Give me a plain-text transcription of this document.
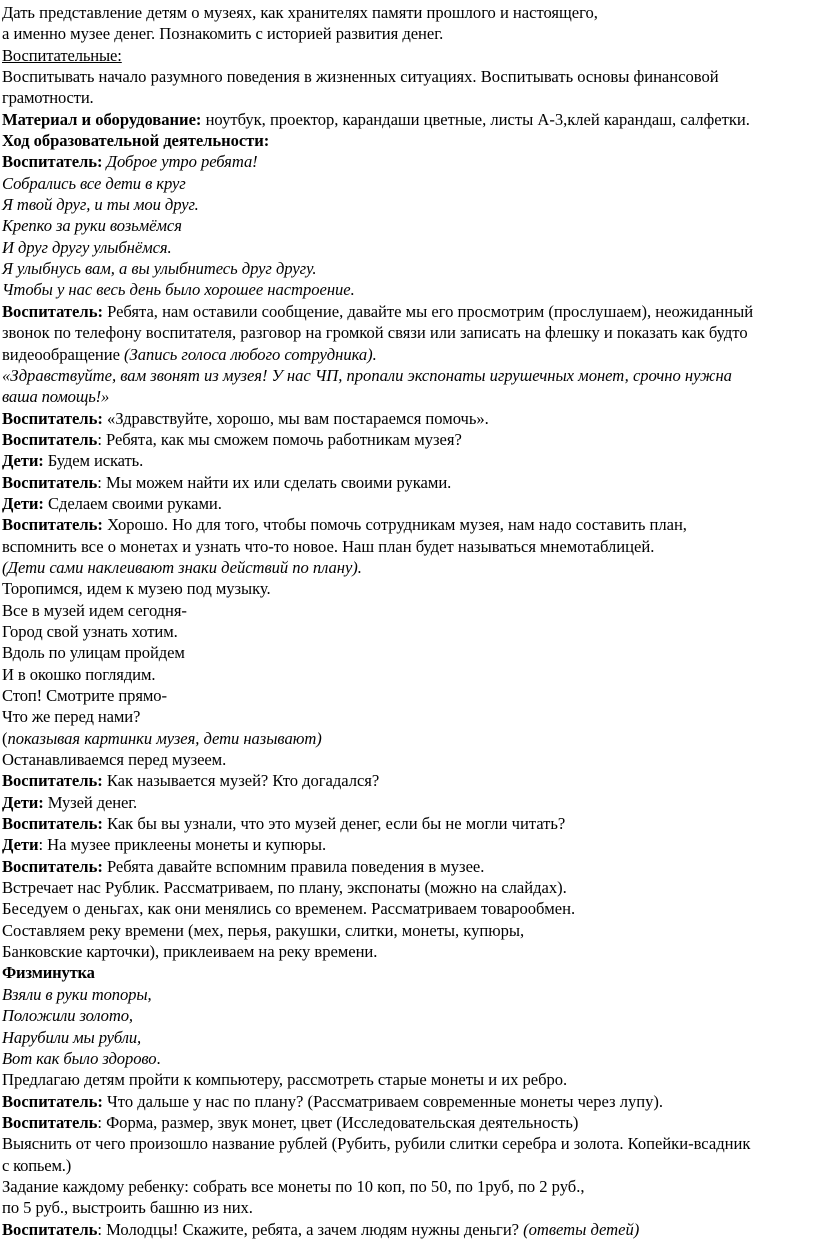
Дать представление детям о музеях, как хранителях памяти прошлого и настоящего,
а именно музее денег. Познакомить с историей развития денег.
Воспитательные:
Воспитывать начало разумного поведения в жизненных ситуациях. Воспитывать основы финансовой
грамотности.
Материал и оборудование: ноутбук, проектор, карандаши цветные, листы А-3,клей карандаш, салфетки.
Ход образовательной деятельности:
Воспитатель: Доброе утро ребята!
Собрались все дети в круг
Я твой друг, и ты мои друг.
Крепко за руки возьмёмся
И друг другу улыбнёмся.
Я улыбнусь вам, а вы улыбнитесь друг другу.
Чтобы у нас весь день было хорошее настроение.
Воспитатель: Ребята, нам оставили сообщение, давайте мы его просмотрим (прослушаем), неожиданный
звонок по телефону воспитателя, разговор на громкой связи или записать на флешку и показать как будто
видеообращение (Запись голоса любого сотрудника).
«Здравствуйте, вам звонят из музея! У нас ЧП, пропали экспонаты игрушечных монет, срочно нужна
ваша помощь!»
Воспитатель: «Здравствуйте, хорошо, мы вам постараемся помочь».
Воспитатель: Ребята, как мы сможем помочь работникам музея?
Дети: Будем искать.
Воспитатель: Мы можем найти их или сделать своими руками.
Дети: Сделаем своими руками.
Воспитатель: Хорошо. Но для того, чтобы помочь сотрудникам музея, нам надо составить план,
вспомнить все о монетах и узнать что-то новое. Наш план будет называться мнемотаблицей.
(Дети сами наклеивают знаки действий по плану).
Торопимся, идем к музею под музыку.
Все в музей идем сегодня-
Город свой узнать хотим.
Вдоль по улицам пройдем
И в окошко поглядим.
Стоп! Смотрите прямо-
Что же перед нами?
(показывая картинки музея, дети называют)
Останавливаемся перед музеем.
Воспитатель: Как называется музей? Кто догадался?
Дети: Музей денег.
Воспитатель: Как бы вы узнали, что это музей денег, если бы не могли читать?
Дети: На музее приклеены монеты и купюры.
Воспитатель: Ребята давайте вспомним правила поведения в музее.
Встречает нас Рублик. Рассматриваем, по плану, экспонаты (можно на слайдах).
Беседуем о деньгах, как они менялись со временем. Рассматриваем товарообмен.
Составляем реку времени (мех, перья, ракушки, слитки, монеты, купюры,
Банковские карточки), приклеиваем на реку времени.
Физминутка
Взяли в руки топоры,
Положили золото,
Нарубили мы рубли,
Вот как было здорово.
Предлагаю детям пройти к компьютеру, рассмотреть старые монеты и их ребро.
Воспитатель: Что дальше у нас по плану? (Рассматриваем современные монеты через лупу).
Воспитатель: Форма, размер, звук монет, цвет (Исследовательская деятельность)
Выяснить от чего произошло название рублей (Рубить, рубили слитки серебра и золота. Копейки-всадник
с копьем.)
Задание каждому ребенку: собрать все монеты по 10 коп, по 50, по 1руб, по 2 руб.,
по 5 руб., выстроить башню из них.
Воспитатель: Молодцы! Скажите, ребята, а зачем людям нужны деньги? (ответы детей)
